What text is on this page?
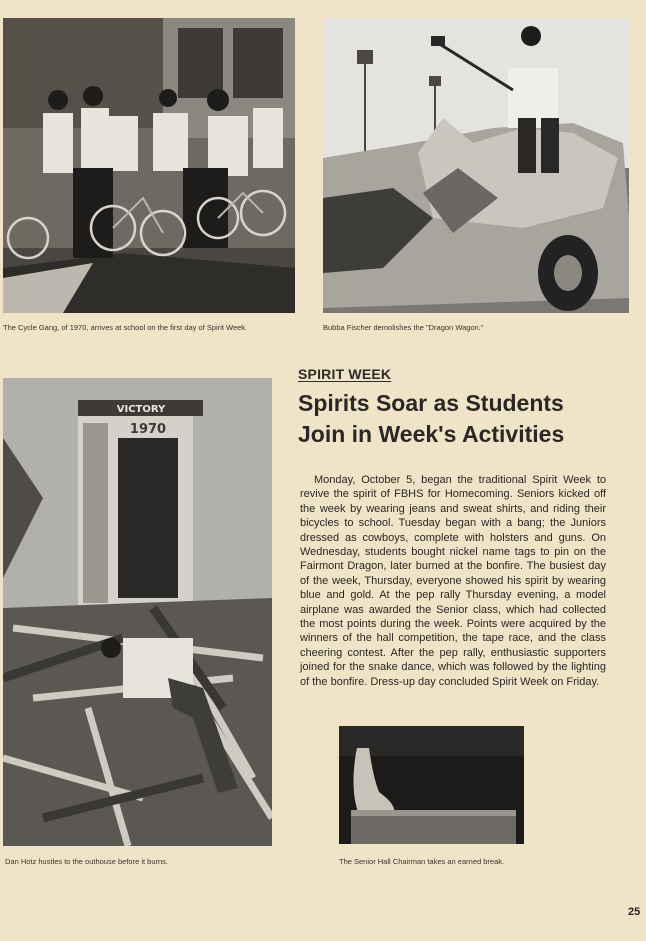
The Cycle Gang, of 1970, arrives at school on the first day of Spirit Week.	Bubba Fischer demolishes the "Dragon Wagon."
VICTORY
1970
Dan Hotz hustles to the outhouse before it burns.	The Senior Hall Chairman takes an earned break.
SPIRIT WEEK
Spirits Soar as Students
Join in Week's Activities

Monday, October 5, began the traditional Spirit Week to revive the spirit of FBHS for Homecoming. Seniors kicked off the week by wearing jeans and sweat shirts, and riding their bicycles to school. Tuesday began with a bang; the Juniors dressed as cowboys, complete with holsters and guns. On Wednesday, students bought nickel name tags to pin on the Fairmont Dragon, later burned at the bonfire. The busiest day of the week, Thursday, everyone showed his spirit by wearing blue and gold. At the pep rally Thursday evening, a model airplane was awarded the Senior class, which had collected the most points during the week. Points were acquired by the winners of the hall competition, the tape race, and the class cheering contest. After the pep rally, enthusiastic supporters joined for the snake dance, which was followed by the lighting of the bonfire. Dress-up day concluded Spirit Week on Friday.

25
